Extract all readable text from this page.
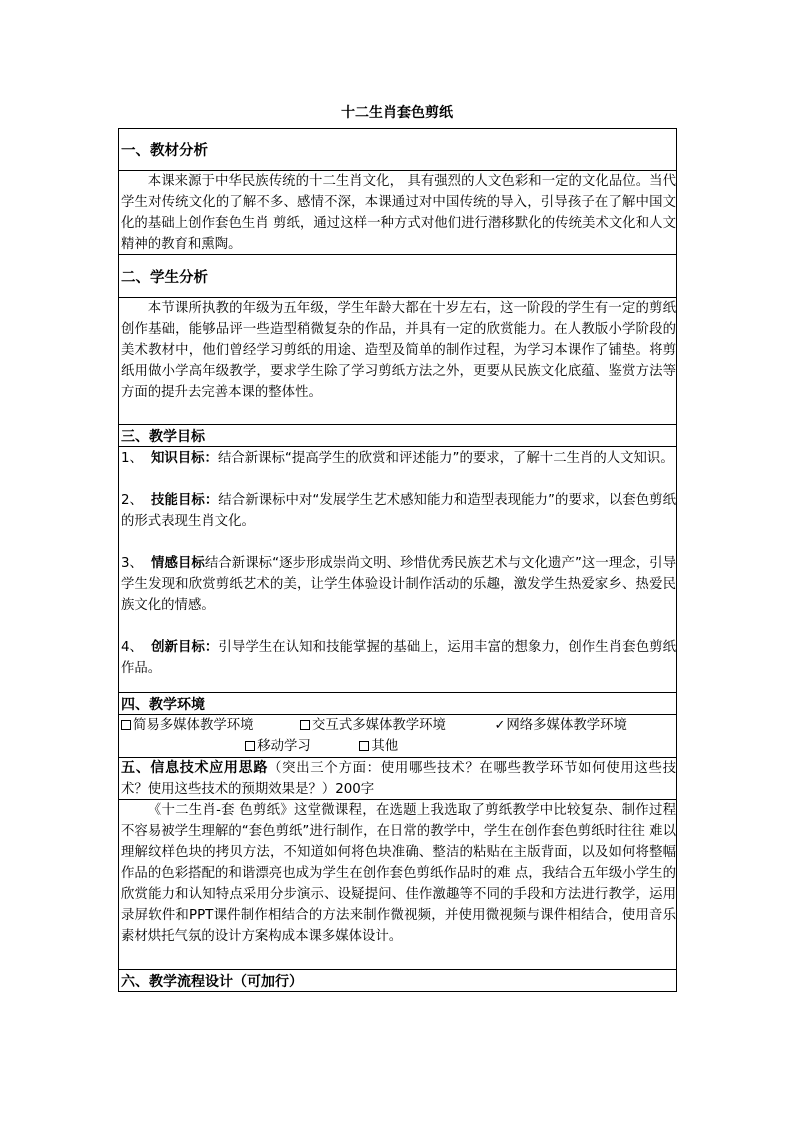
十二生肖套色剪纸
一、教材分析
本课来源于中华民族传统的十二生肖文化， 具有强烈的人文色彩和一定的文化品位。当代学生对传统文化的了解不多、感情不深，本课通过对中国传统的导入，引导孩子在了解中国文化的基础上创作套色生肖 剪纸，通过这样一种方式对他们进行潜移默化的传统美术文化和人文精神的教育和熏陶。
二、学生分析
本节课所执教的年级为五年级，学生年龄大都在十岁左右，这一阶段的学生有一定的剪纸创作基础，能够品评一些造型稍微复杂的作品，并具有一定的欣赏能力。在人教版小学阶段的美术教材中，他们曾经学习剪纸的用途、造型及简单的制作过程，为学习本课作了铺垫。将剪纸用做小学高年级教学，要求学生除了学习剪纸方法之外，更要从民族文化底蕴、鉴赏方法等方面的提升去完善本课的整体性。
三、教学目标

1、 知识目标：结合新课标“提高学生的欣赏和评述能力”的要求，了解十二生肖的人文知识。

2、 技能目标：结合新课标中对“发展学生艺术感知能力和造型表现能力”的要求，以套色剪纸的形式表现生肖文化。

3、 情感目标结合新课标“逐步形成崇尚文明、珍惜优秀民族艺术与文化遗产”这一理念，引导学生发现和欣赏剪纸艺术的美，让学生体验设计制作活动的乐趣，激发学生热爱家乡、热爱民族文化的情感。

4、 创新目标：引导学生在认知和技能掌握的基础上，运用丰富的想象力，创作生肖套色剪纸作品。

四、教学环境
简易多媒体教学环境	交互式多媒体教学环境	✓网络多媒体教学环境
移动学习	其他
五、信息技术应用思路（突出三个方面：使用哪些技术？在哪些教学环节如何使用这些技术？使用这些技术的预期效果是？）200字
《十二生肖-套 色剪纸》这堂微课程，在选题上我选取了剪纸教学中比较复杂、制作过程不容易被学生理解的“套色剪纸”进行制作，在日常的教学中，学生在创作套色剪纸时往往 难以理解纹样色块的拷贝方法，不知道如何将色块准确、整洁的粘贴在主版背面，以及如何将整幅作品的色彩搭配的和谐漂亮也成为学生在创作套色剪纸作品时的难 点，我结合五年级小学生的欣赏能力和认知特点采用分步演示、设疑提问、佳作激趣等不同的手段和方法进行教学，运用录屏软件和PPT课件制作相结合的方法来制作微视频，并使用微视频与课件相结合，使用音乐素材烘托气氛的设计方案构成本课多媒体设计。
六、教学流程设计（可加行）
